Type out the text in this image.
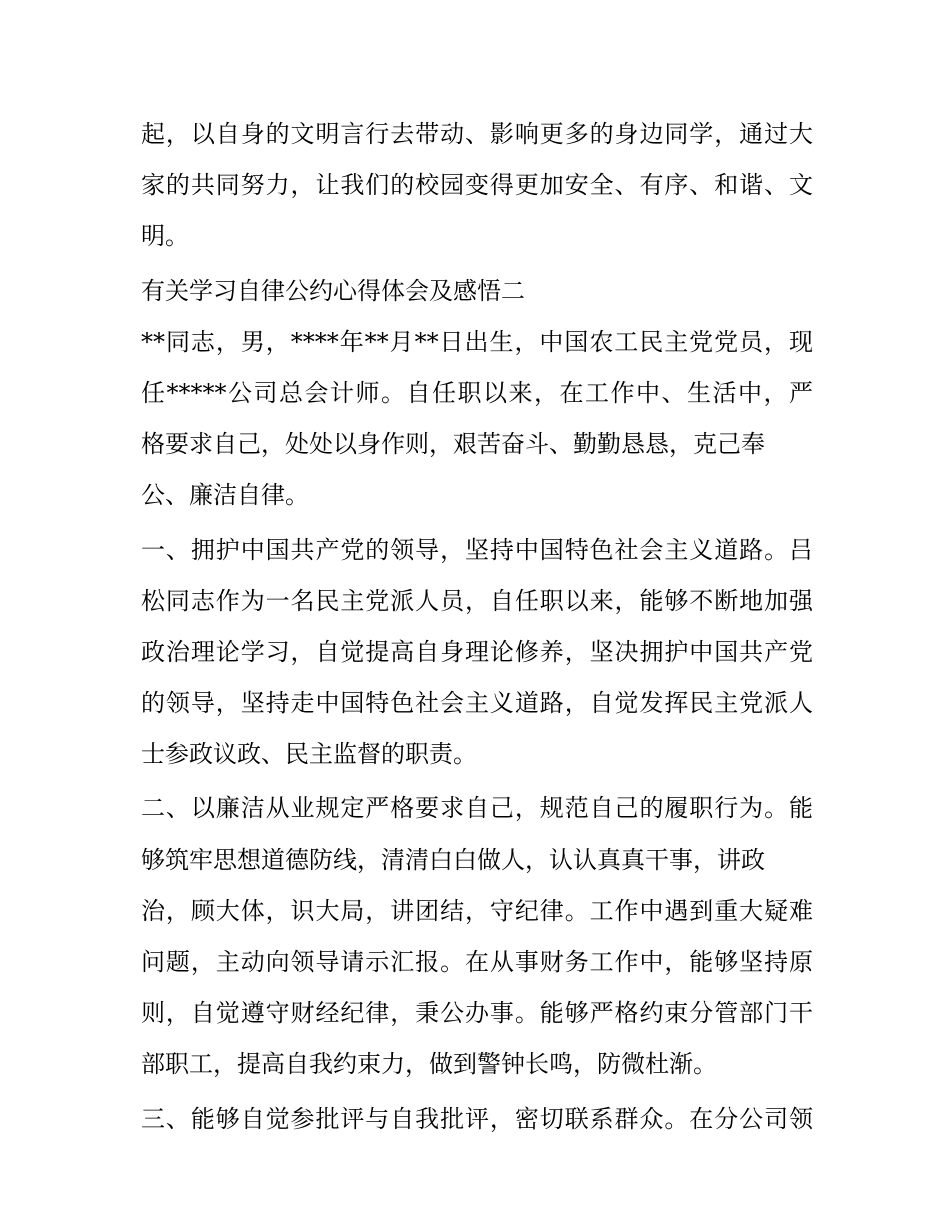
起，以自身的文明言行去带动、影响更多的身边同学，通过大
家的共同努力，让我们的校园变得更加安全、有序、和谐、文
明。
有关学习自律公约心得体会及感悟二
**同志，男，****年**月**日出生，中国农工民主党党员，现
任*****公司总会计师。自任职以来，在工作中、生活中，严
格要求自己，处处以身作则，艰苦奋斗、勤勤恳恳，克己奉
公、廉洁自律。
一、拥护中国共产党的领导，坚持中国特色社会主义道路。吕
松同志作为一名民主党派人员，自任职以来，能够不断地加强
政治理论学习，自觉提高自身理论修养，坚决拥护中国共产党
的领导，坚持走中国特色社会主义道路，自觉发挥民主党派人
士参政议政、民主监督的职责。
二、以廉洁从业规定严格要求自己，规范自己的履职行为。能
够筑牢思想道德防线，清清白白做人，认认真真干事，讲政
治，顾大体，识大局，讲团结，守纪律。工作中遇到重大疑难
问题，主动向领导请示汇报。在从事财务工作中，能够坚持原
则，自觉遵守财经纪律，秉公办事。能够严格约束分管部门干
部职工，提高自我约束力，做到警钟长鸣，防微杜渐。
三、能够自觉参批评与自我批评，密切联系群众。在分公司领
